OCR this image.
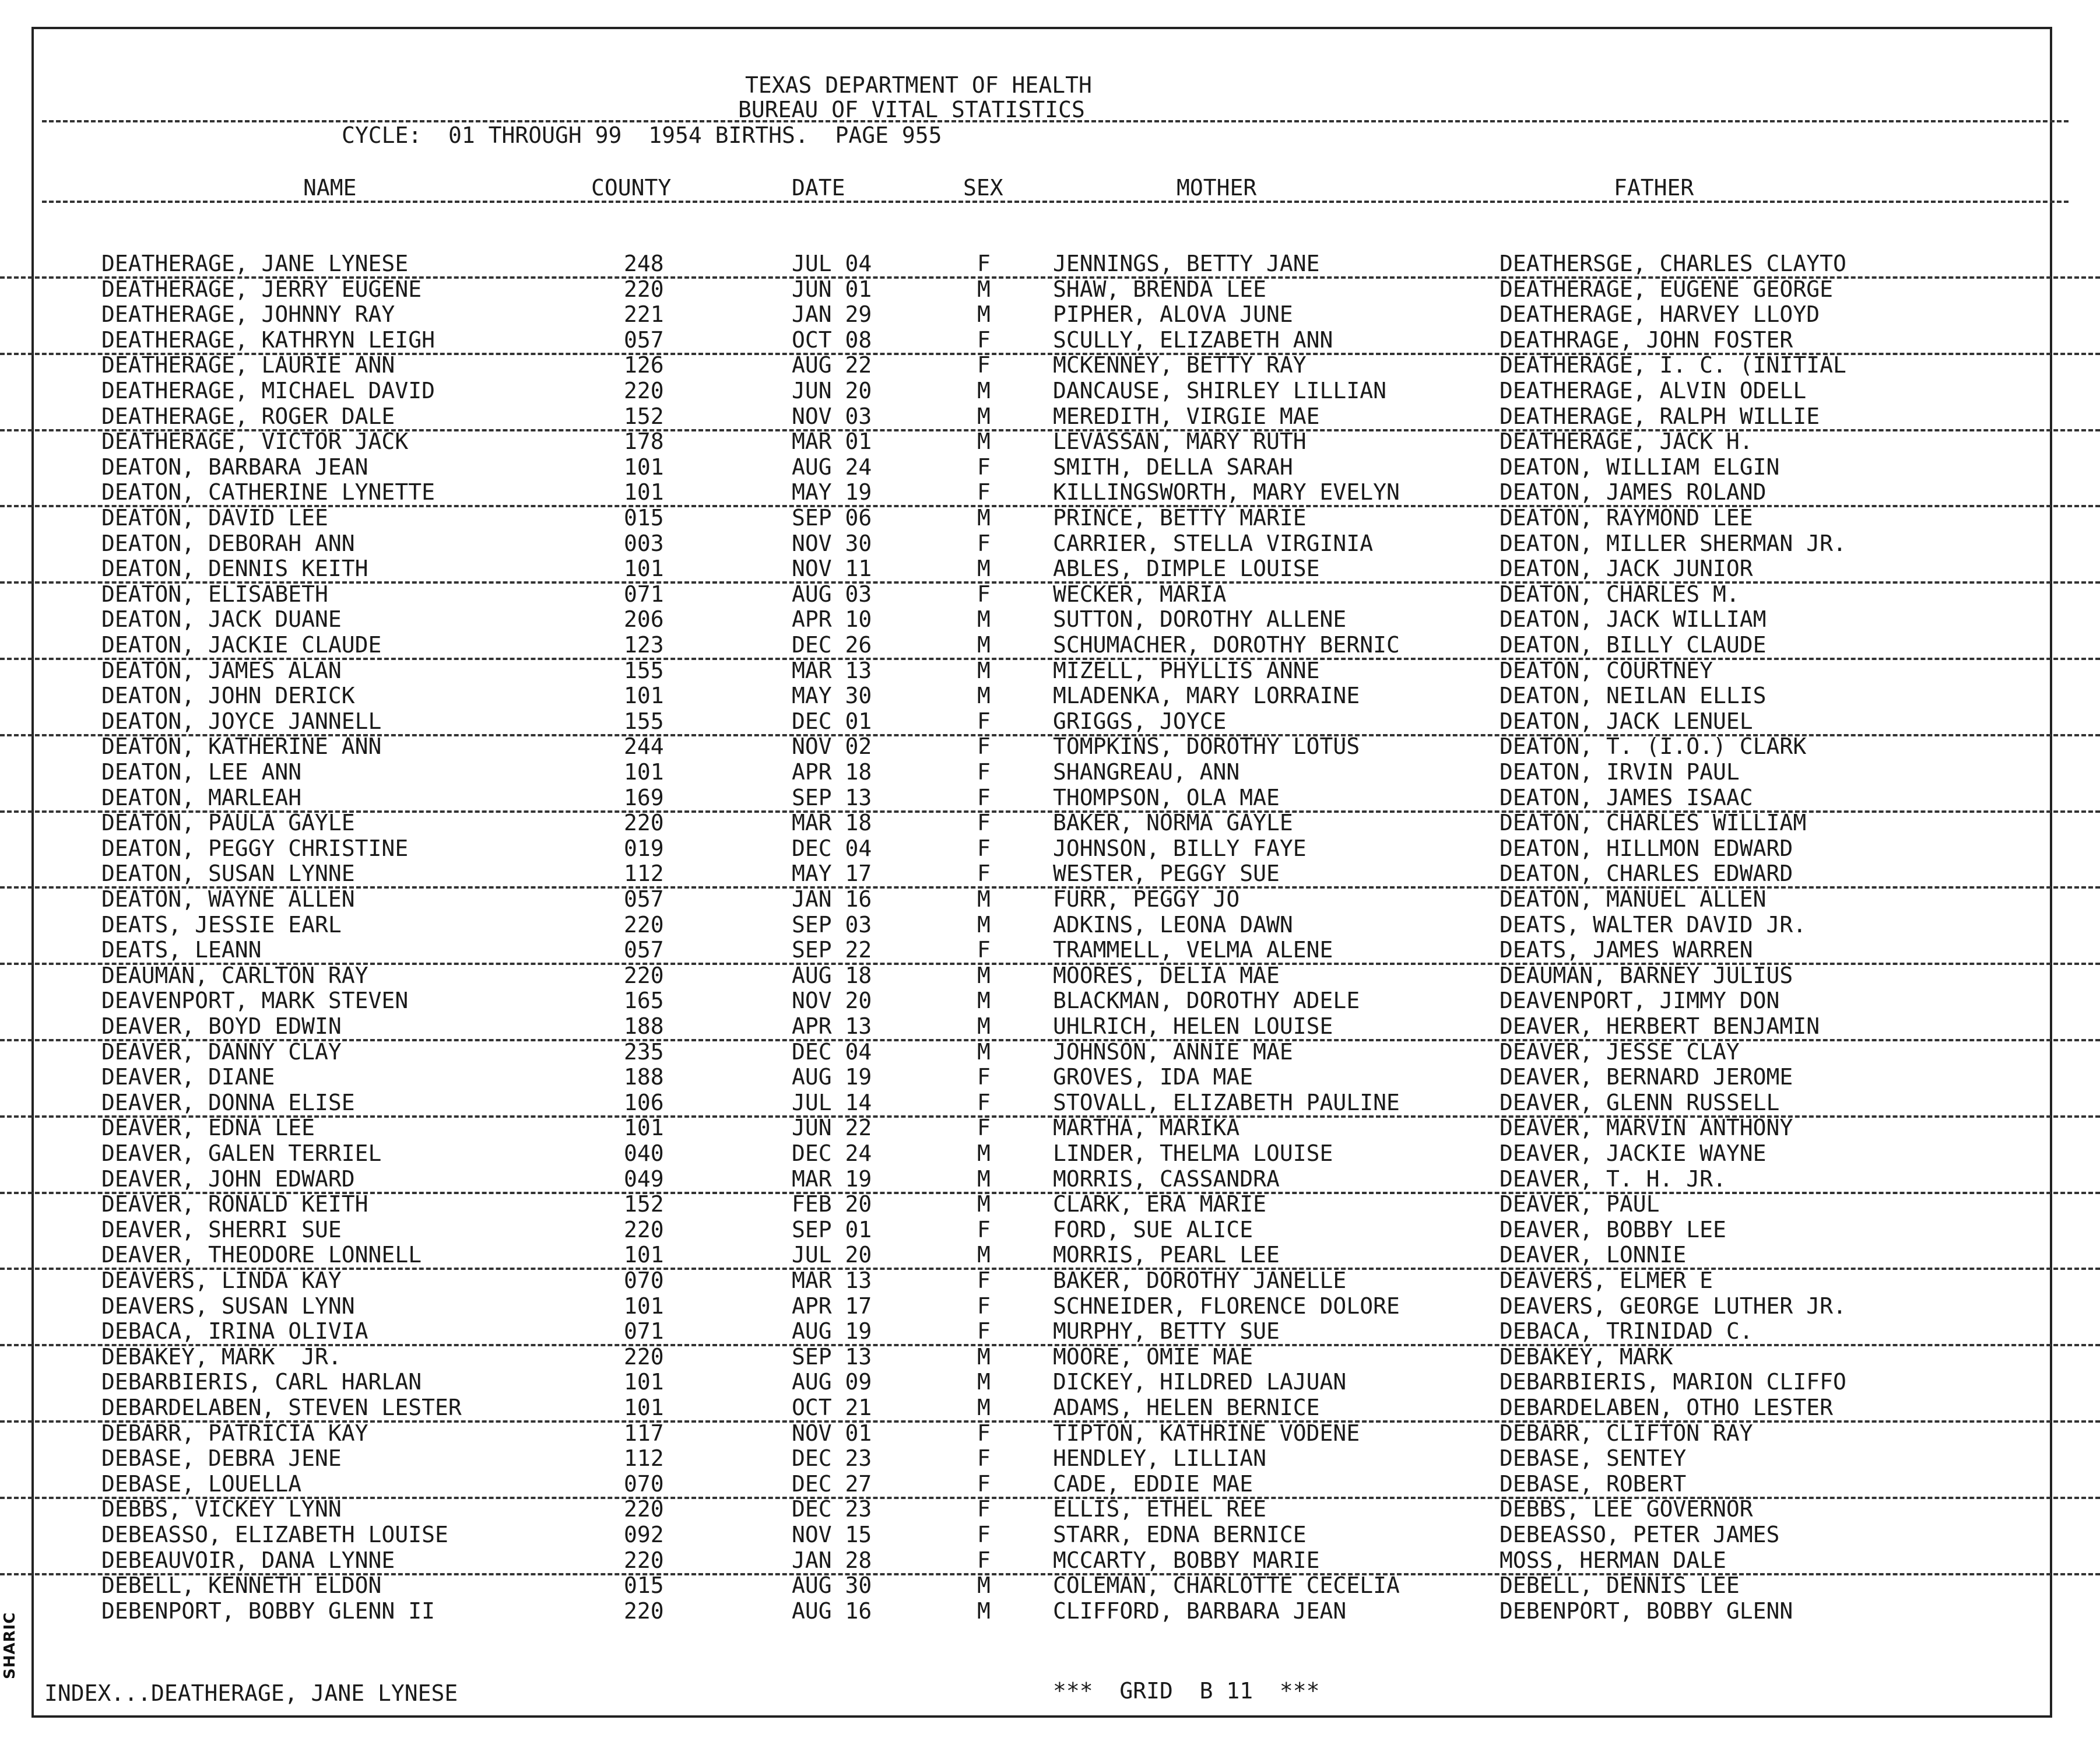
TEXAS DEPARTMENT OF HEALTH
BUREAU OF VITAL STATISTICS
CYCLE:  01 THROUGH 99  1954 BIRTHS.  PAGE 955
NAME	COUNTY	DATE	SEX	MOTHER	FATHER
DEATHERAGE, JANE LYNESE	248	JUL 04	F	JENNINGS, BETTY JANE	DEATHERSGE, CHARLES CLAYTO
DEATHERAGE, JERRY EUGENE	220	JUN 01	M	SHAW, BRENDA LEE	DEATHERAGE, EUGENE GEORGE
DEATHERAGE, JOHNNY RAY	221	JAN 29	M	PIPHER, ALOVA JUNE	DEATHERAGE, HARVEY LLOYD
DEATHERAGE, KATHRYN LEIGH	057	OCT 08	F	SCULLY, ELIZABETH ANN	DEATHRAGE, JOHN FOSTER
DEATHERAGE, LAURIE ANN	126	AUG 22	F	MCKENNEY, BETTY RAY	DEATHERAGE, I. C. (INITIAL
DEATHERAGE, MICHAEL DAVID	220	JUN 20	M	DANCAUSE, SHIRLEY LILLIAN	DEATHERAGE, ALVIN ODELL
DEATHERAGE, ROGER DALE	152	NOV 03	M	MEREDITH, VIRGIE MAE	DEATHERAGE, RALPH WILLIE
DEATHERAGE, VICTOR JACK	178	MAR 01	M	LEVASSAN, MARY RUTH	DEATHERAGE, JACK H.
DEATON, BARBARA JEAN	101	AUG 24	F	SMITH, DELLA SARAH	DEATON, WILLIAM ELGIN
DEATON, CATHERINE LYNETTE	101	MAY 19	F	KILLINGSWORTH, MARY EVELYN	DEATON, JAMES ROLAND
DEATON, DAVID LEE	015	SEP 06	M	PRINCE, BETTY MARIE	DEATON, RAYMOND LEE
DEATON, DEBORAH ANN	003	NOV 30	F	CARRIER, STELLA VIRGINIA	DEATON, MILLER SHERMAN JR.
DEATON, DENNIS KEITH	101	NOV 11	M	ABLES, DIMPLE LOUISE	DEATON, JACK JUNIOR
DEATON, ELISABETH	071	AUG 03	F	WECKER, MARIA	DEATON, CHARLES M.
DEATON, JACK DUANE	206	APR 10	M	SUTTON, DOROTHY ALLENE	DEATON, JACK WILLIAM
DEATON, JACKIE CLAUDE	123	DEC 26	M	SCHUMACHER, DOROTHY BERNIC	DEATON, BILLY CLAUDE
DEATON, JAMES ALAN	155	MAR 13	M	MIZELL, PHYLLIS ANNE	DEATON, COURTNEY
DEATON, JOHN DERICK	101	MAY 30	M	MLADENKA, MARY LORRAINE	DEATON, NEILAN ELLIS
DEATON, JOYCE JANNELL	155	DEC 01	F	GRIGGS, JOYCE	DEATON, JACK LENUEL
DEATON, KATHERINE ANN	244	NOV 02	F	TOMPKINS, DOROTHY LOTUS	DEATON, T. (I.O.) CLARK
DEATON, LEE ANN	101	APR 18	F	SHANGREAU, ANN	DEATON, IRVIN PAUL
DEATON, MARLEAH	169	SEP 13	F	THOMPSON, OLA MAE	DEATON, JAMES ISAAC
DEATON, PAULA GAYLE	220	MAR 18	F	BAKER, NORMA GAYLE	DEATON, CHARLES WILLIAM
DEATON, PEGGY CHRISTINE	019	DEC 04	F	JOHNSON, BILLY FAYE	DEATON, HILLMON EDWARD
DEATON, SUSAN LYNNE	112	MAY 17	F	WESTER, PEGGY SUE	DEATON, CHARLES EDWARD
DEATON, WAYNE ALLEN	057	JAN 16	M	FURR, PEGGY JO	DEATON, MANUEL ALLEN
DEATS, JESSIE EARL	220	SEP 03	M	ADKINS, LEONA DAWN	DEATS, WALTER DAVID JR.
DEATS, LEANN	057	SEP 22	F	TRAMMELL, VELMA ALENE	DEATS, JAMES WARREN
DEAUMAN, CARLTON RAY	220	AUG 18	M	MOORES, DELIA MAE	DEAUMAN, BARNEY JULIUS
DEAVENPORT, MARK STEVEN	165	NOV 20	M	BLACKMAN, DOROTHY ADELE	DEAVENPORT, JIMMY DON
DEAVER, BOYD EDWIN	188	APR 13	M	UHLRICH, HELEN LOUISE	DEAVER, HERBERT BENJAMIN
DEAVER, DANNY CLAY	235	DEC 04	M	JOHNSON, ANNIE MAE	DEAVER, JESSE CLAY
DEAVER, DIANE	188	AUG 19	F	GROVES, IDA MAE	DEAVER, BERNARD JEROME
DEAVER, DONNA ELISE	106	JUL 14	F	STOVALL, ELIZABETH PAULINE	DEAVER, GLENN RUSSELL
DEAVER, EDNA LEE	101	JUN 22	F	MARTHA, MARIKA	DEAVER, MARVIN ANTHONY
DEAVER, GALEN TERRIEL	040	DEC 24	M	LINDER, THELMA LOUISE	DEAVER, JACKIE WAYNE
DEAVER, JOHN EDWARD	049	MAR 19	M	MORRIS, CASSANDRA	DEAVER, T. H. JR.
DEAVER, RONALD KEITH	152	FEB 20	M	CLARK, ERA MARIE	DEAVER, PAUL
DEAVER, SHERRI SUE	220	SEP 01	F	FORD, SUE ALICE	DEAVER, BOBBY LEE
DEAVER, THEODORE LONNELL	101	JUL 20	M	MORRIS, PEARL LEE	DEAVER, LONNIE
DEAVERS, LINDA KAY	070	MAR 13	F	BAKER, DOROTHY JANELLE	DEAVERS, ELMER E
DEAVERS, SUSAN LYNN	101	APR 17	F	SCHNEIDER, FLORENCE DOLORE	DEAVERS, GEORGE LUTHER JR.
DEBACA, IRINA OLIVIA	071	AUG 19	F	MURPHY, BETTY SUE	DEBACA, TRINIDAD C.
DEBAKEY, MARK  JR.	220	SEP 13	M	MOORE, OMIE MAE	DEBAKEY, MARK
DEBARBIERIS, CARL HARLAN	101	AUG 09	M	DICKEY, HILDRED LAJUAN	DEBARBIERIS, MARION CLIFFO
DEBARDELABEN, STEVEN LESTER	101	OCT 21	M	ADAMS, HELEN BERNICE	DEBARDELABEN, OTHO LESTER
DEBARR, PATRICIA KAY	117	NOV 01	F	TIPTON, KATHRINE VODENE	DEBARR, CLIFTON RAY
DEBASE, DEBRA JENE	112	DEC 23	F	HENDLEY, LILLIAN	DEBASE, SENTEY
DEBASE, LOUELLA	070	DEC 27	F	CADE, EDDIE MAE	DEBASE, ROBERT
DEBBS, VICKEY LYNN	220	DEC 23	F	ELLIS, ETHEL REE	DEBBS, LEE GOVERNOR
DEBEASSO, ELIZABETH LOUISE	092	NOV 15	F	STARR, EDNA BERNICE	DEBEASSO, PETER JAMES
DEBEAUVOIR, DANA LYNNE	220	JAN 28	F	MCCARTY, BOBBY MARIE	MOSS, HERMAN DALE
DEBELL, KENNETH ELDON	015	AUG 30	M	COLEMAN, CHARLOTTE CECELIA	DEBELL, DENNIS LEE
DEBENPORT, BOBBY GLENN II	220	AUG 16	M	CLIFFORD, BARBARA JEAN	DEBENPORT, BOBBY GLENN
INDEX...DEATHERAGE, JANE LYNESE	***  GRID  B 11  ***
SHARIC
